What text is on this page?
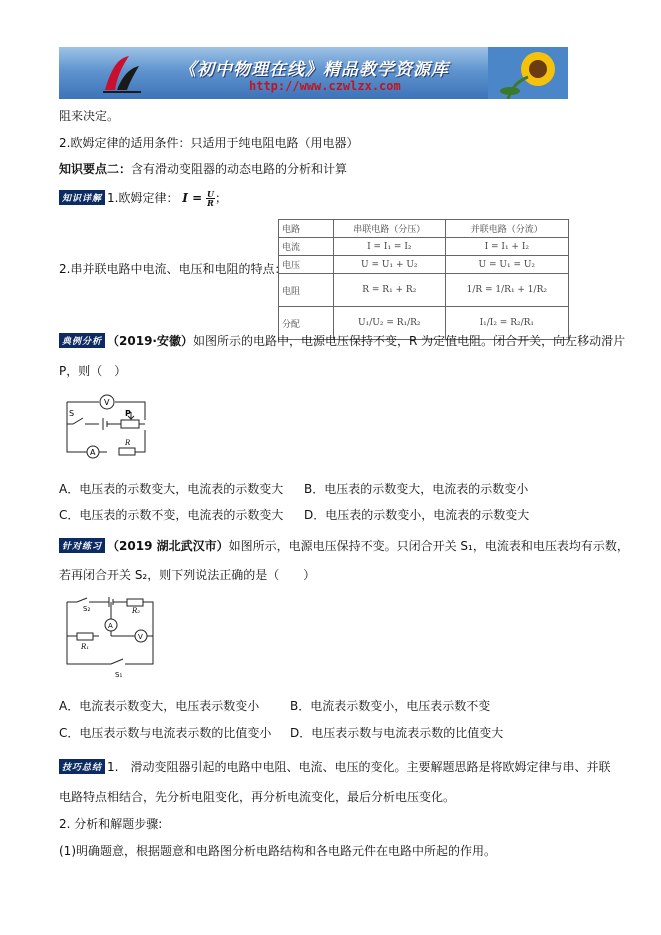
《初中物理在线》精品教学资源库
http://www.czwlzx.com
阻来决定。
2.欧姆定律的适用条件：只适用于纯电阻电路（用电器）
知识要点二：含有滑动变阻器的动态电路的分析和计算
知识详解 1.欧姆定律： $I = \frac{U}{R}$；
2.串并联电路中电流、电压和电阻的特点：
电路	串联电路（分压）	并联电路（分流）
电流	I = I₁ = I₂	I = I₁ + I₂
电压	U = U₁ + U₂	U = U₁ = U₂
电阻	R = R₁ + R₂	1/R = 1/R₁ + 1/R₂
分配	U₁/U₂ = R₁/R₂	I₁/I₂ = R₂/R₁
典例分析 （2019·安徽）如图所示的电路中，电源电压保持不变，R 为定值电阻。闭合开关，向左移动滑片
P，则（　）
V
S	P
A
R
A．电压表的示数变大，电流表的示数变大 B．电压表的示数变大，电流表的示数变小
C．电压表的示数不变，电流表的示数变大 D．电压表的示数变小，电流表的示数变大
针对练习 （2019 湖北武汉市）如图所示，电源电压保持不变。只闭合开关 S₁，电流表和电压表均有示数，
若再闭合开关 S₂，则下列说法正确的是（　　）
S₂	R₂
A
V
R₁
S₁
A．电流表示数变大，电压表示数变小	B．电流表示数变小，电压表示数不变
C．电压表示数与电流表示数的比值变小 D．电压表示数与电流表示数的比值变大
技巧总结 1.　滑动变阻器引起的电路中电阻、电流、电压的变化。主要解题思路是将欧姆定律与串、并联
电路特点相结合，先分析电阻变化，再分析电流变化，最后分析电压变化。
2. 分析和解题步骤:
(1)明确题意，根据题意和电路图分析电路结构和各电路元件在电路中所起的作用。
